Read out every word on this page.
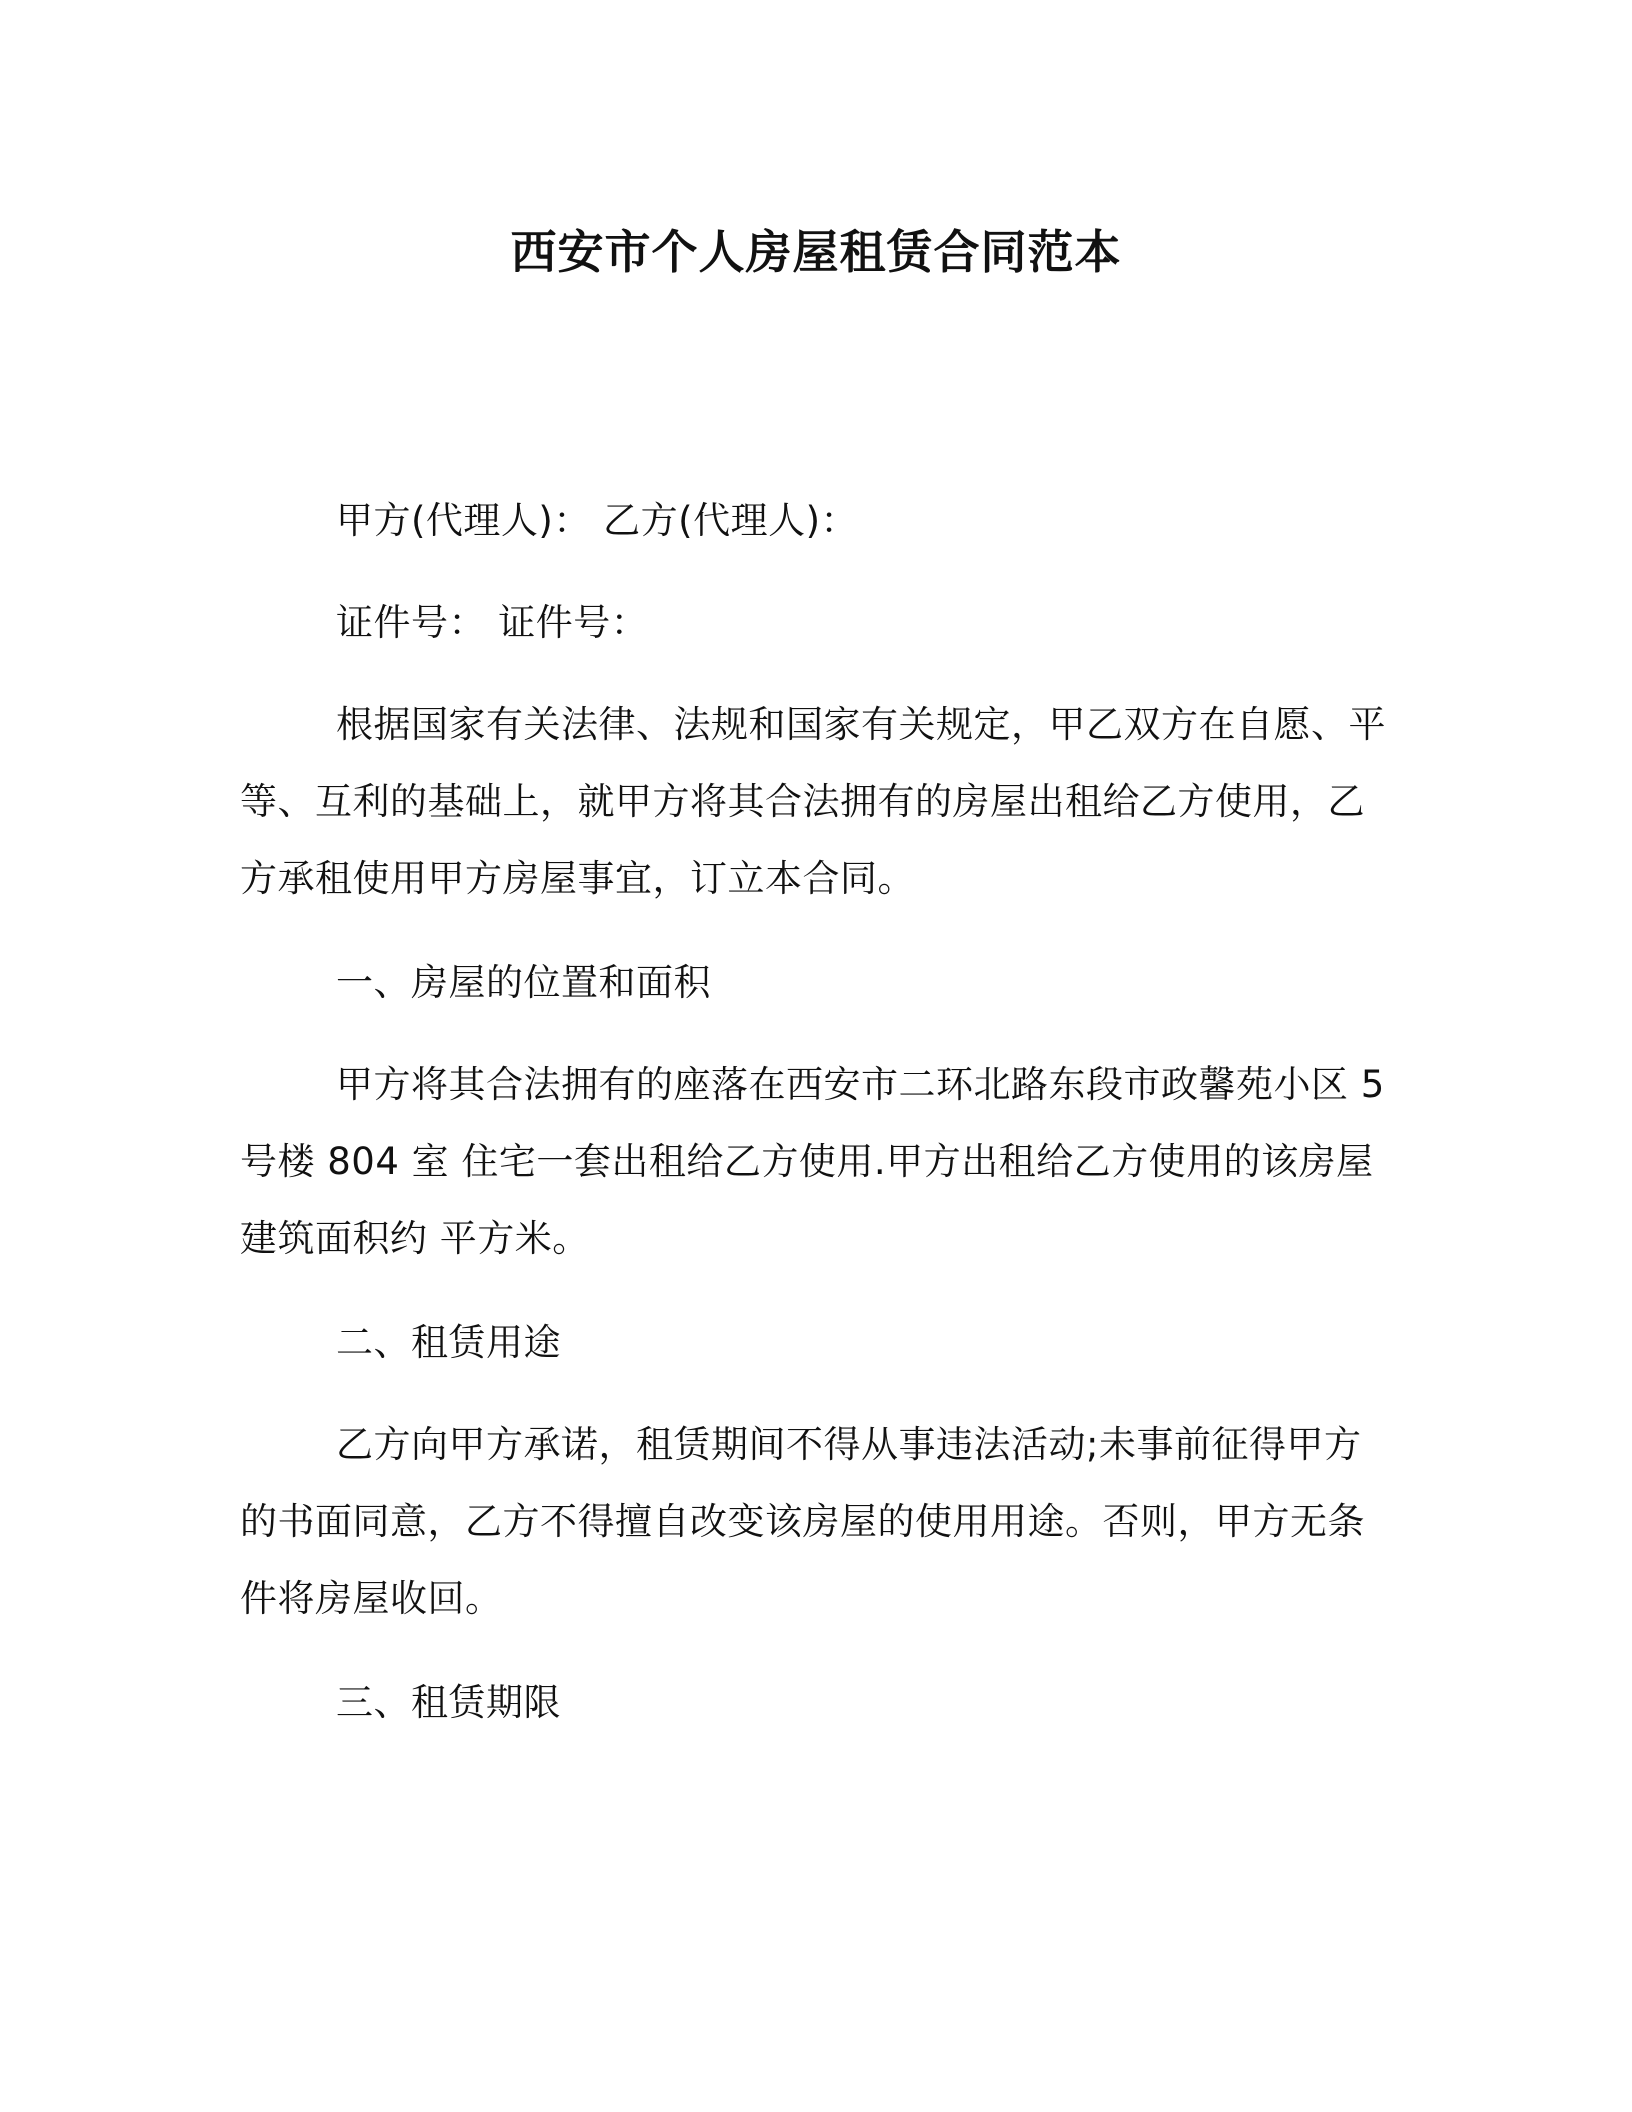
西安市个人房屋租赁合同范本

甲方(代理人)： 乙方(代理人)：

证件号： 证件号：

根据国家有关法律、法规和国家有关规定，甲乙双方在自愿、平等、互利的基础上，就甲方将其合法拥有的房屋出租给乙方使用，乙方承租使用甲方房屋事宜，订立本合同。

一、房屋的位置和面积

甲方将其合法拥有的座落在西安市二环北路东段市政馨苑小区 5 号楼 804 室 住宅一套出租给乙方使用.甲方出租给乙方使用的该房屋建筑面积约 平方米。

二、租赁用途

乙方向甲方承诺，租赁期间不得从事违法活动;未事前征得甲方的书面同意，乙方不得擅自改变该房屋的使用用途。否则，甲方无条件将房屋收回。

三、租赁期限
